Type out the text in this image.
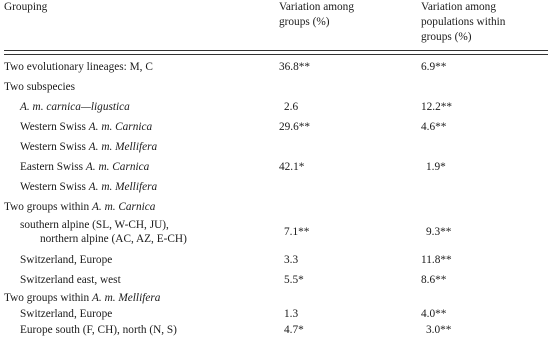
Grouping	Variation among
groups (%)
Variation among
populations within
groups (%)
Two evolutionary lineages: M, C	36.8**	6.9**
Two subspecies
A. m. carnica—ligustica	2.6	12.2**
Western Swiss A. m. Carnica	29.6**	4.6**
Western Swiss A. m. Mellifera
Eastern Swiss A. m. Carnica	42.1*	1.9*
Western Swiss A. m. Mellifera
Two groups within A. m. Carnica
southern alpine (SL, W-CH, JU),
northern alpine (AC, AZ, E-CH)
7.1**	9.3**
Switzerland, Europe	3.3	11.8**
Switzerland east, west	5.5*	8.6**
Two groups within A. m. Mellifera
Switzerland, Europe	1.3	4.0**
Europe south (F, CH), north (N, S)	4.7*	3.0**
